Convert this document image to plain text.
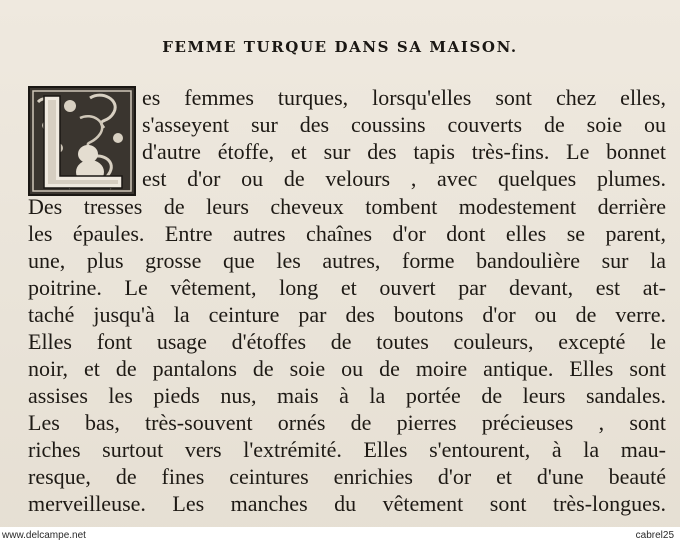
FEMME TURQUE DANS SA MAISON.
es femmes turques, lorsqu'elles sont chez elles,
s'asseyent sur des coussins couverts de soie ou
d'autre étoffe, et sur des tapis très-fins. Le bonnet
est d'or ou de velours , avec quelques plumes.
Des tresses de leurs cheveux tombent modestement derrière
les épaules. Entre autres chaînes d'or dont elles se parent,
une, plus grosse que les autres, forme bandoulière sur la
poitrine. Le vêtement, long et ouvert par devant, est at-
taché jusqu'à la ceinture par des boutons d'or ou de verre.
Elles font usage d'étoffes de toutes couleurs, excepté le
noir, et de pantalons de soie ou de moire antique. Elles sont
assises les pieds nus, mais à la portée de leurs sandales.
Les bas, très-souvent ornés de pierres précieuses , sont
riches surtout vers l'extrémité. Elles s'entourent, à la mau-
resque, de fines ceintures enrichies d'or et d'une beauté
merveilleuse. Les manches du vêtement sont très-longues.
www.delcampe.net	cabrel25
